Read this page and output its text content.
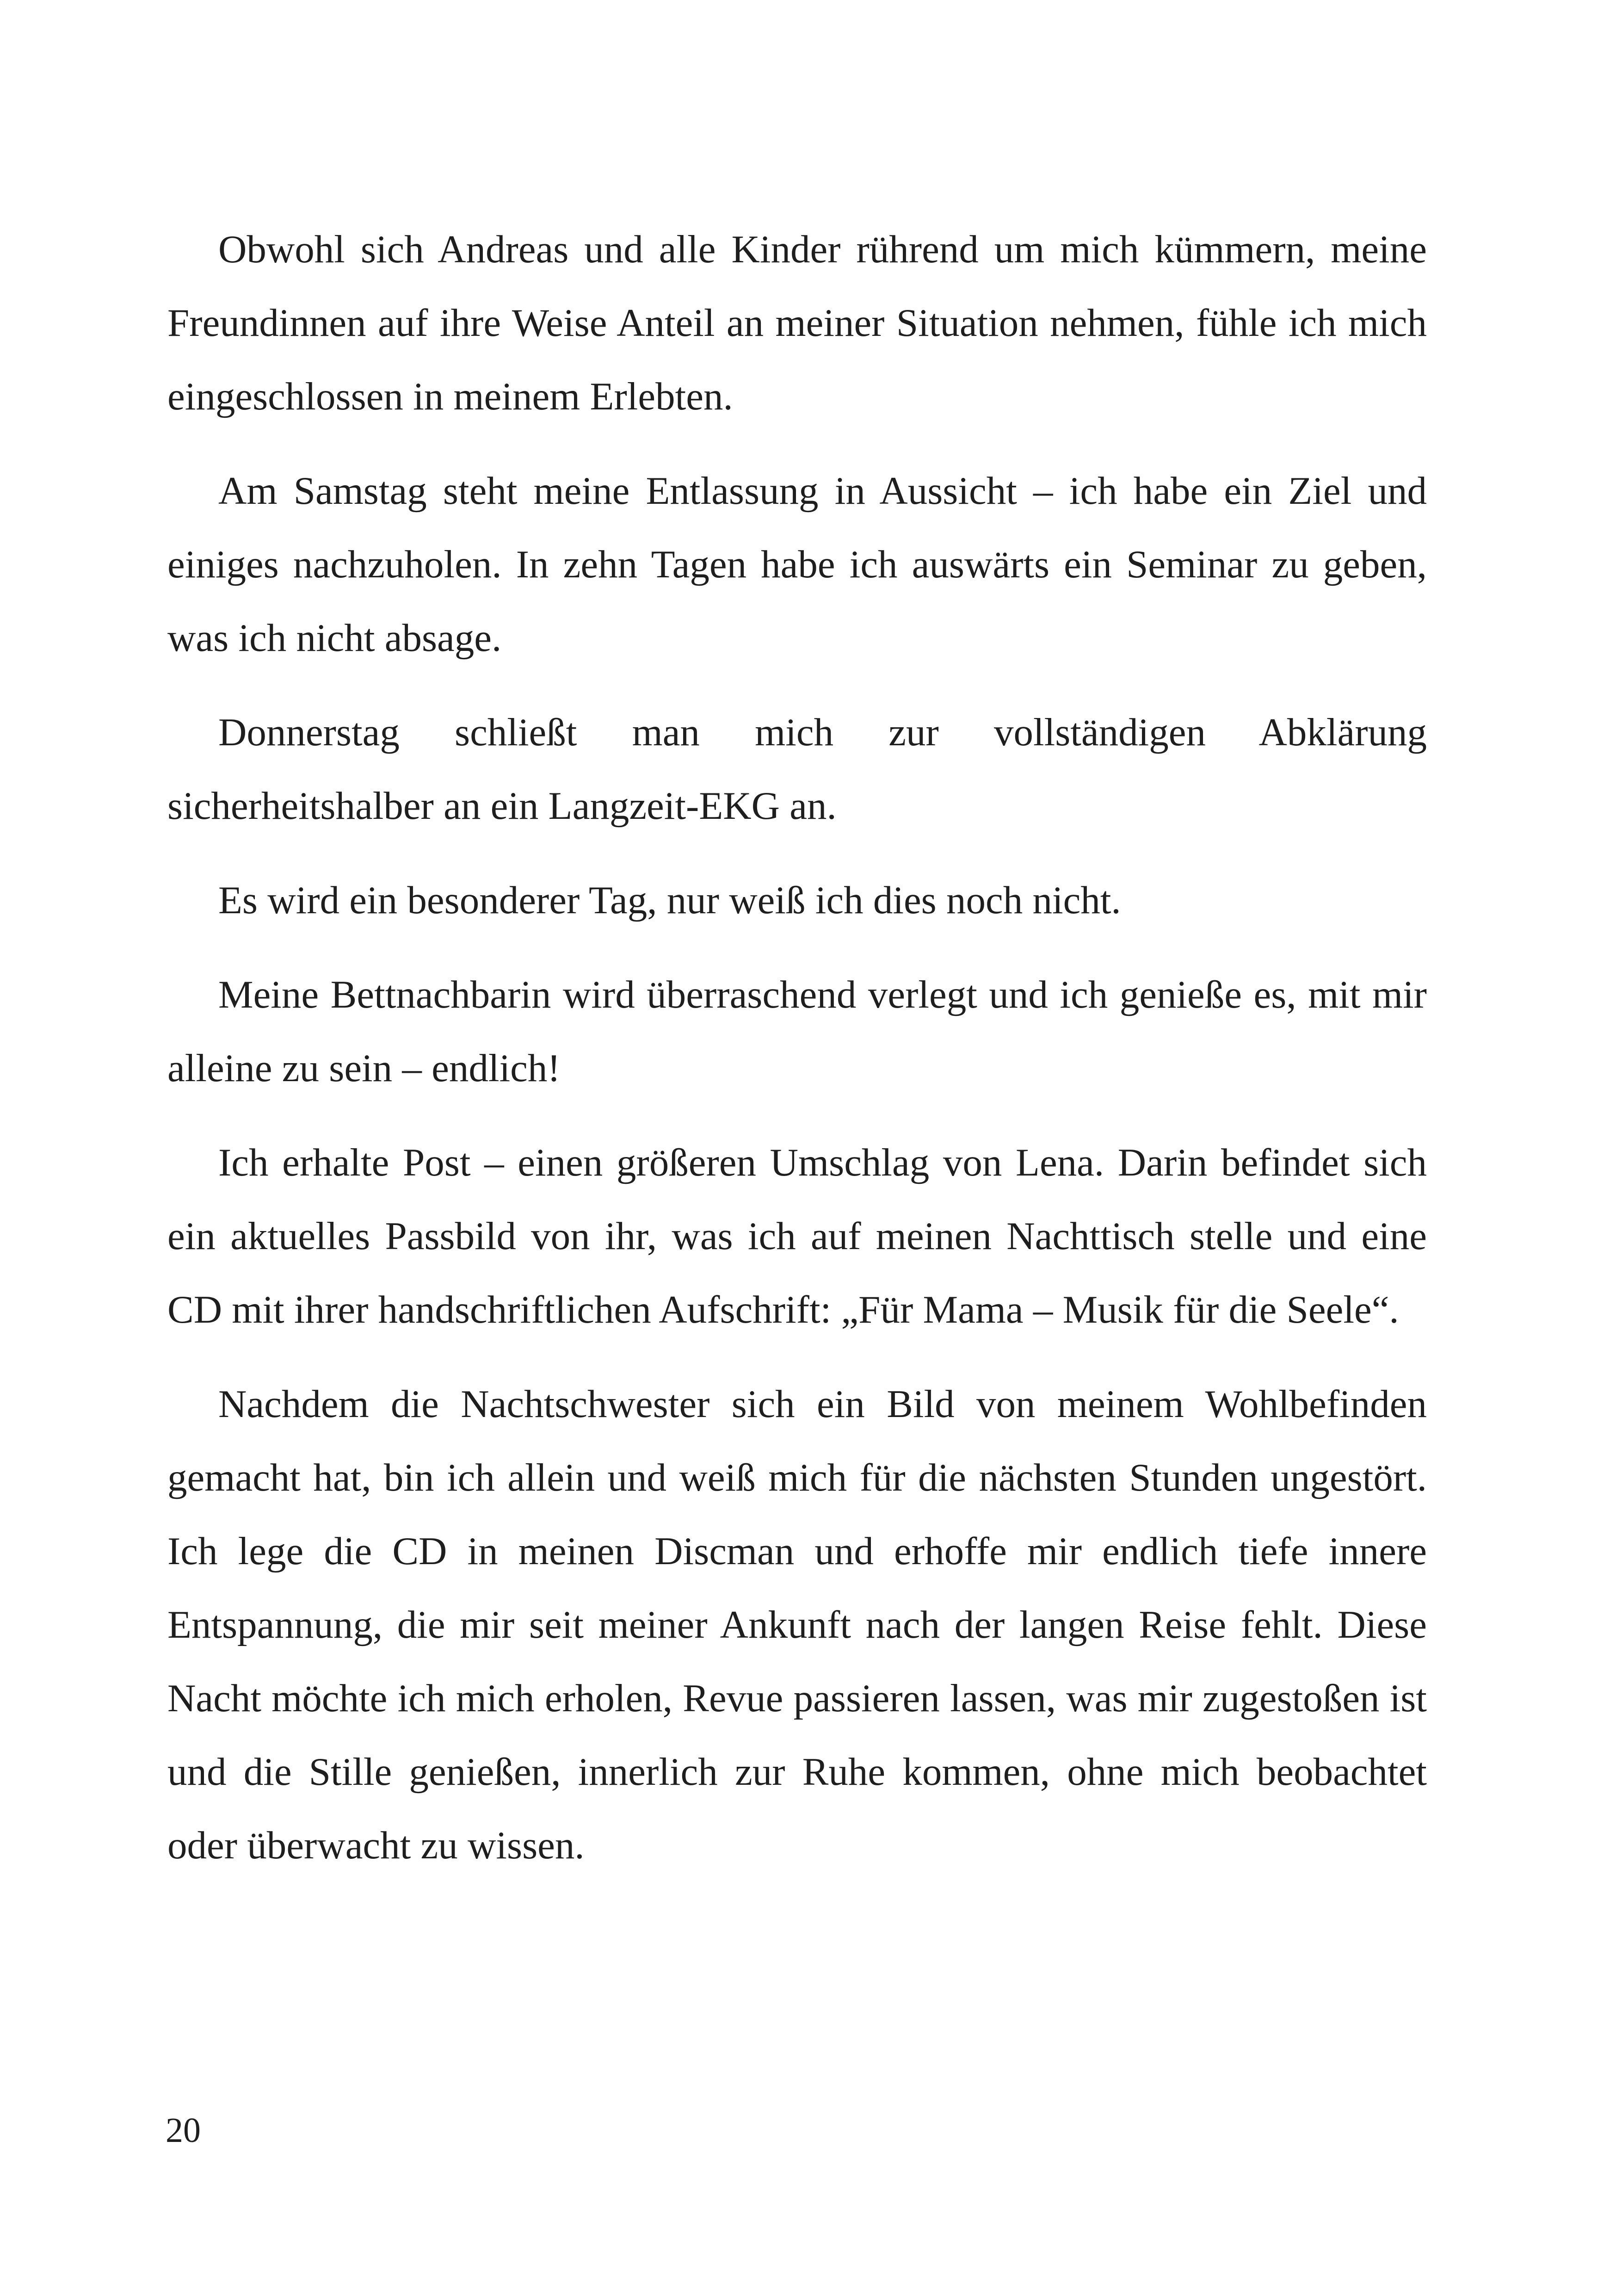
Obwohl sich Andreas und alle Kinder rührend um mich kümmern, meine Freundinnen auf ihre Weise Anteil an meiner Situation nehmen, fühle ich mich eingeschlossen in meinem Erlebten.

Am Samstag steht meine Entlassung in Aussicht – ich habe ein Ziel und einiges nachzuholen. In zehn Tagen habe ich auswärts ein Seminar zu geben, was ich nicht absage.

Donnerstag schließt man mich zur vollständigen Abklärung sicherheitshalber an ein Langzeit-EKG an.

Es wird ein besonderer Tag, nur weiß ich dies noch nicht.

Meine Bettnachbarin wird überraschend verlegt und ich genieße es, mit mir alleine zu sein – endlich!

Ich erhalte Post – einen größeren Umschlag von Lena. Darin befindet sich ein aktuelles Passbild von ihr, was ich auf meinen Nachttisch stelle und eine CD mit ihrer handschriftlichen Aufschrift: „Für Mama – Musik für die Seele“.

Nachdem die Nachtschwester sich ein Bild von meinem Wohlbefinden gemacht hat, bin ich allein und weiß mich für die nächsten Stunden ungestört. Ich lege die CD in meinen Discman und erhoffe mir endlich tiefe innere Entspannung, die mir seit meiner Ankunft nach der langen Reise fehlt. Diese Nacht möchte ich mich erholen, Revue passieren lassen, was mir zugestoßen ist und die Stille genießen, innerlich zur Ruhe kommen, ohne mich beobachtet oder überwacht zu wissen.

20
